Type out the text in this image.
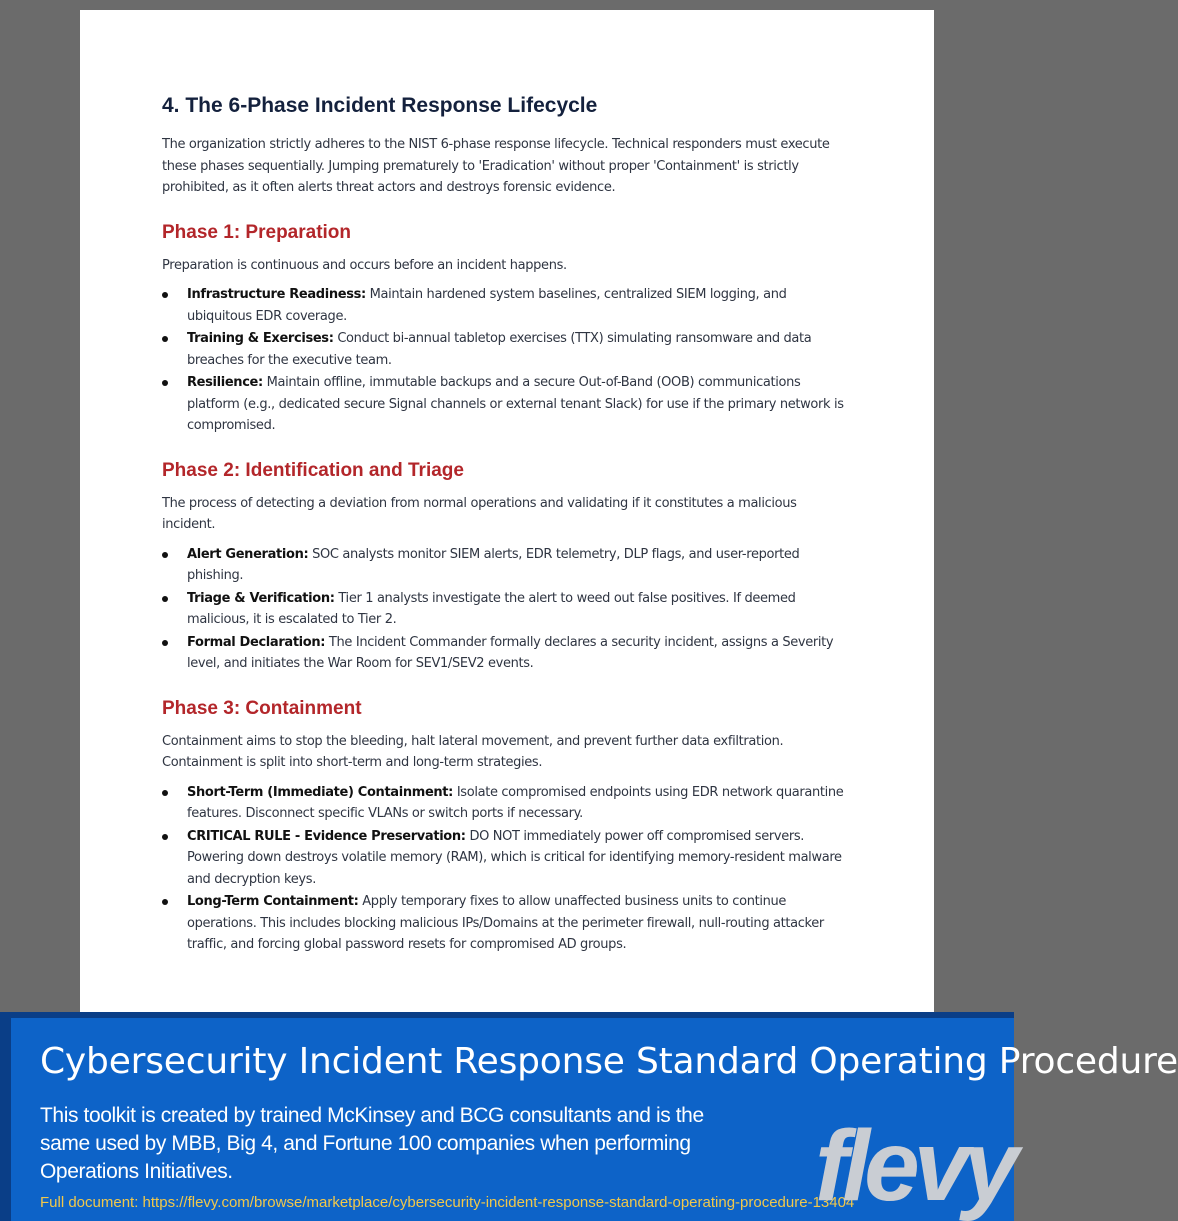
4. The 6-Phase Incident Response Lifecycle

The organization strictly adheres to the NIST 6-phase response lifecycle. Technical responders must execute these phases sequentially. Jumping prematurely to 'Eradication' without proper 'Containment' is strictly prohibited, as it often alerts threat actors and destroys forensic evidence.

Phase 1: Preparation

Preparation is continuous and occurs before an incident happens.

Infrastructure Readiness: Maintain hardened system baselines, centralized SIEM logging, and ubiquitous EDR coverage.
Training & Exercises: Conduct bi-annual tabletop exercises (TTX) simulating ransomware and data breaches for the executive team.
Resilience: Maintain offline, immutable backups and a secure Out-of-Band (OOB) communications platform (e.g., dedicated secure Signal channels or external tenant Slack) for use if the primary network is compromised.
Phase 2: Identification and Triage

The process of detecting a deviation from normal operations and validating if it constitutes a malicious incident.

Alert Generation: SOC analysts monitor SIEM alerts, EDR telemetry, DLP flags, and user-reported phishing.
Triage & Verification: Tier 1 analysts investigate the alert to weed out false positives. If deemed malicious, it is escalated to Tier 2.
Formal Declaration: The Incident Commander formally declares a security incident, assigns a Severity level, and initiates the War Room for SEV1/SEV2 events.
Phase 3: Containment

Containment aims to stop the bleeding, halt lateral movement, and prevent further data exfiltration. Containment is split into short-term and long-term strategies.

Short-Term (Immediate) Containment: Isolate compromised endpoints using EDR network quarantine features. Disconnect specific VLANs or switch ports if necessary.
CRITICAL RULE - Evidence Preservation: DO NOT immediately power off compromised servers. Powering down destroys volatile memory (RAM), which is critical for identifying memory-resident malware and decryption keys.
Long-Term Containment: Apply temporary fixes to allow unaffected business units to continue operations. This includes blocking malicious IPs/Domains at the perimeter firewall, null-routing attacker traffic, and forcing global password resets for compromised AD groups.
Cybersecurity Incident Response Standard Operating Procedure

This toolkit is created by trained McKinsey and BCG consultants and is the same used by MBB, Big 4, and Fortune 100 companies when performing Operations Initiatives.

Full document: https://flevy.com/browse/marketplace/cybersecurity-incident-response-standard-operating-procedure-13404

flevy
